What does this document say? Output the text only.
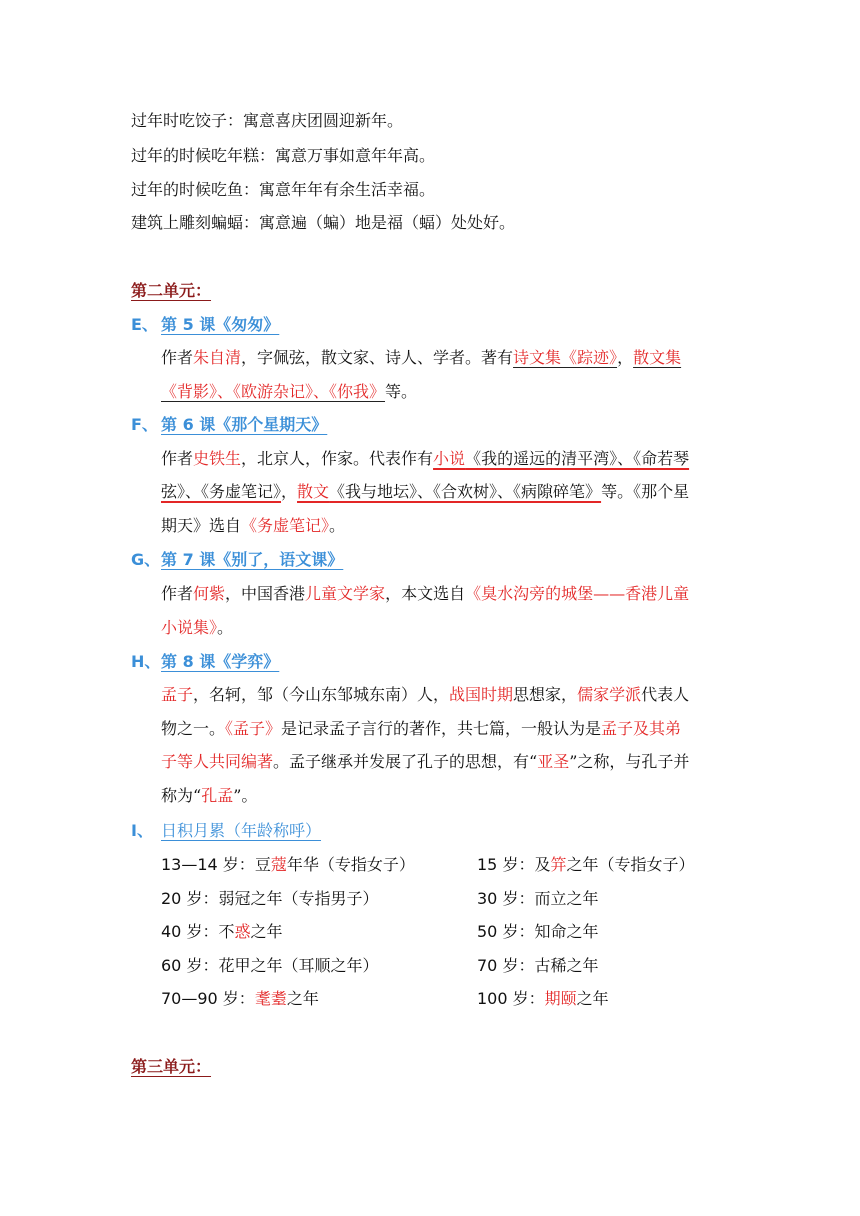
过年时吃饺子：寓意喜庆团圆迎新年。
过年的时候吃年糕：寓意万事如意年年高。
过年的时候吃鱼：寓意年年有余生活幸福。
建筑上雕刻蝙蝠：寓意遍（蝙）地是福（蝠）处处好。
第二单元：
E、 第 5 课《匆匆》
作者朱自清，字佩弦，散文家、诗人、学者。著有诗文集《踪迹》，散文集
《背影》、《欧游杂记》、《你我》等。
F、 第 6 课《那个星期天》
作者史铁生，北京人，作家。代表作有小说《我的遥远的清平湾》、《命若琴
弦》、《务虚笔记》，散文《我与地坛》、《合欢树》、《病隙碎笔》等。《那个星
期天》选自《务虚笔记》。
G、 第 7 课《别了，语文课》
作者何紫，中国香港儿童文学家，本文选自《臭水沟旁的城堡——香港儿童
小说集》。
H、 第 8 课《学弈》
孟子，名轲，邹（今山东邹城东南）人，战国时期思想家，儒家学派代表人
物之一。《孟子》是记录孟子言行的著作，共七篇，一般认为是孟子及其弟
子等人共同编著。孟子继承并发展了孔子的思想，有“亚圣”之称，与孔子并
称为“孔孟”。
I、 日积月累（年龄称呼）
13—14 岁：豆蔻年华（专指女子）	15 岁：及笄之年（专指女子）
20 岁：弱冠之年（专指男子）	30 岁：而立之年
40 岁：不惑之年	50 岁：知命之年
60 岁：花甲之年（耳顺之年）	70 岁：古稀之年
70—90 岁：耄耋之年	100 岁：期颐之年
第三单元：
